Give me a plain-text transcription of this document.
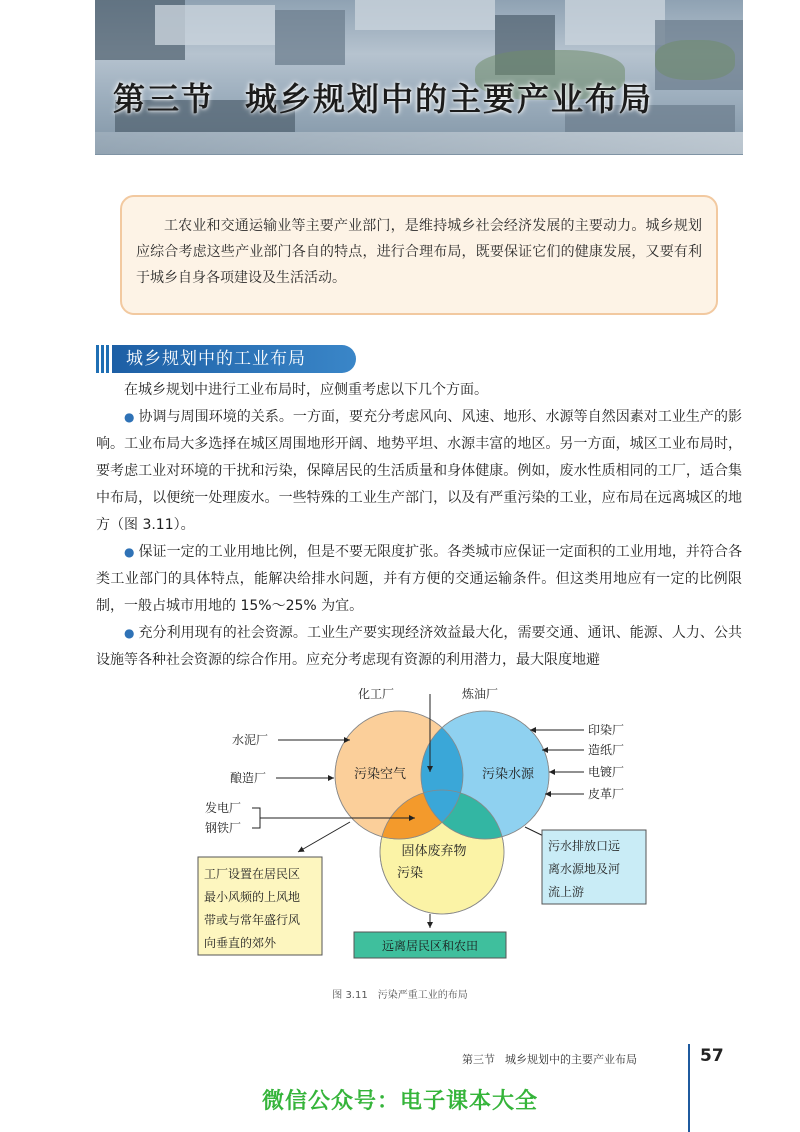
第三节 城乡规划中的主要产业布局
工农业和交通运输业等主要产业部门，是维持城乡社会经济发展的主要动力。城乡规划应综合考虑这些产业部门各自的特点，进行合理布局，既要保证它们的健康发展，又要有利于城乡自身各项建设及生活活动。
城乡规划中的工业布局

在城乡规划中进行工业布局时，应侧重考虑以下几个方面。

● 协调与周围环境的关系。一方面，要充分考虑风向、风速、地形、水源等自然因素对工业生产的影响。工业布局大多选择在城区周围地形开阔、地势平坦、水源丰富的地区。另一方面，城区工业布局时，要考虑工业对环境的干扰和污染，保障居民的生活质量和身体健康。例如，废水性质相同的工厂，适合集中布局，以便统一处理废水。一些特殊的工业生产部门，以及有严重污染的工业，应布局在远离城区的地方（图 3.11）。

● 保证一定的工业用地比例，但是不要无限度扩张。各类城市应保证一定面积的工业用地，并符合各类工业部门的具体特点，能解决给排水问题，并有方便的交通运输条件。但这类用地应有一定的比例限制，一般占城市用地的 15%～25% 为宜。

● 充分利用现有的社会资源。工业生产要实现经济效益最大化，需要交通、通讯、能源、人力、公共设施等各种社会资源的综合作用。应充分考虑现有资源的利用潜力，最大限度地避

污染空气	污染水源
固体废弃物
污染
化工厂	炼油厂
水泥厂
酿造厂
发电厂
钢铁厂
印染厂
造纸厂
电镀厂
皮革厂
工厂设置在居民区
最小风频的上风地
带或与常年盛行风
向垂直的郊外
污水排放口远
离水源地及河
流上游
远离居民区和农田
图 3.11 污染严重工业的布局
第三节 城乡规划中的主要产业布局	57
微信公众号：电子课本大全
